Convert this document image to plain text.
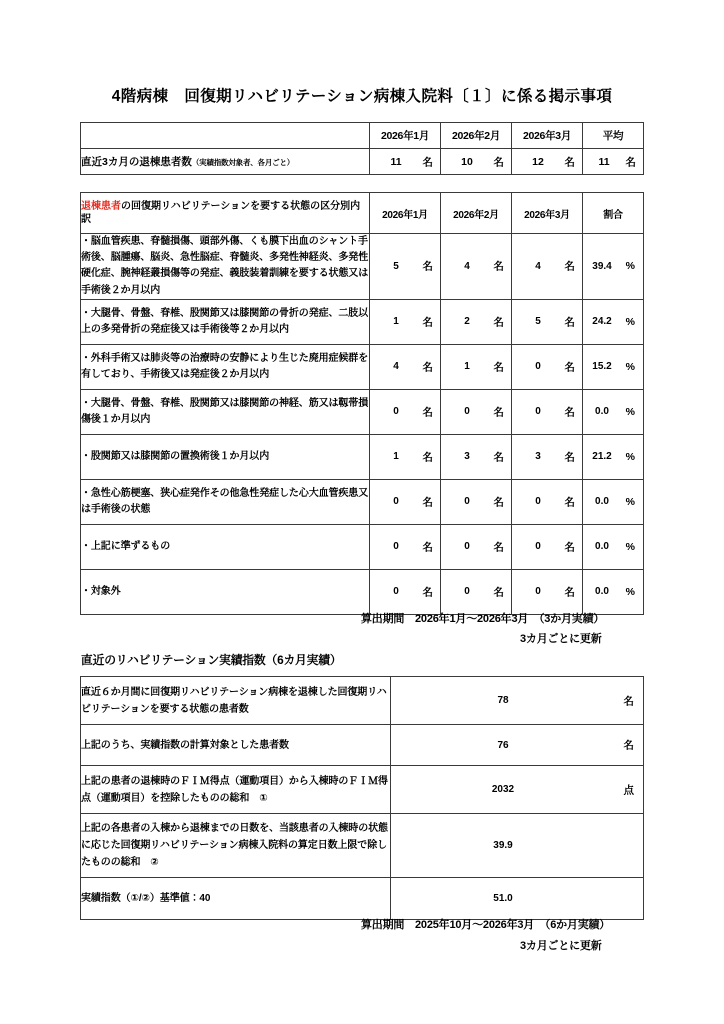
4階病棟　回復期リハビリテーション病棟入院料〔１〕に係る掲示事項
	2026年1月	2026年2月	2026年3月	平均
直近3カ月の退棟患者数（実績指数対象者、各月ごと）	11 名	10 名	12 名	11 名
退棟患者の回復期リハビリテーションを要する状態の区分別内訳	2026年1月	2026年2月	2026年3月	割合
・脳血管疾患、脊髄損傷、頭部外傷、くも膜下出血のシャント手術後、脳腫瘍、脳炎、急性脳症、脊髄炎、多発性神経炎、多発性硬化症、腕神経叢損傷等の発症、義肢装着訓練を要する状態又は手術後２か月以内	5 名	4 名	4 名	39.4 %

・大腿骨、骨盤、脊椎、股関節又は膝関節の骨折の発症、二肢以上の多発骨折の発症後又は手術後等２か月以内	1 名	2 名	5 名	24.2 %

・外科手術又は肺炎等の治療時の安静により生じた廃用症候群を有しており、手術後又は発症後２か月以内	4 名	1 名	0 名	15.2 %

・大腿骨、骨盤、脊椎、股関節又は膝関節の神経、筋又は靱帯損傷後１か月以内	0 名	0 名	0 名	0.0 %

・股関節又は膝関節の置換術後１か月以内	1 名	3 名	3 名	21.2 %

・急性心筋梗塞、狭心症発作その他急性発症した心大血管疾患又は手術後の状態	0 名	0 名	0 名	0.0 %

・上記に準ずるもの	0 名	0 名	0 名	0.0 %

・対象外	0 名	0 名	0 名	0.0 %
算出期間　2026年1月〜2026年3月　（3か月実績）
3カ月ごとに更新
直近のリハビリテーション実績指数（6カ月実績）
直近６か月間に回復期リハビリテーション病棟を退棟した回復期リハビリテーションを要する状態の患者数	78 名

上記のうち、実績指数の計算対象とした患者数	76 名

上記の患者の退棟時のＦＩＭ得点（運動項目）から入棟時のＦＩＭ得点（運動項目）を控除したものの総和　①	2032 点

上記の各患者の入棟から退棟までの日数を、当該患者の入棟時の状態に応じた回復期リハビリテーション病棟入院料の算定日数上限で除したものの総和　②	39.9

実績指数（①/②）基準値：40	51.0
算出期間　2025年10月〜2026年3月　（6か月実績）
3カ月ごとに更新
